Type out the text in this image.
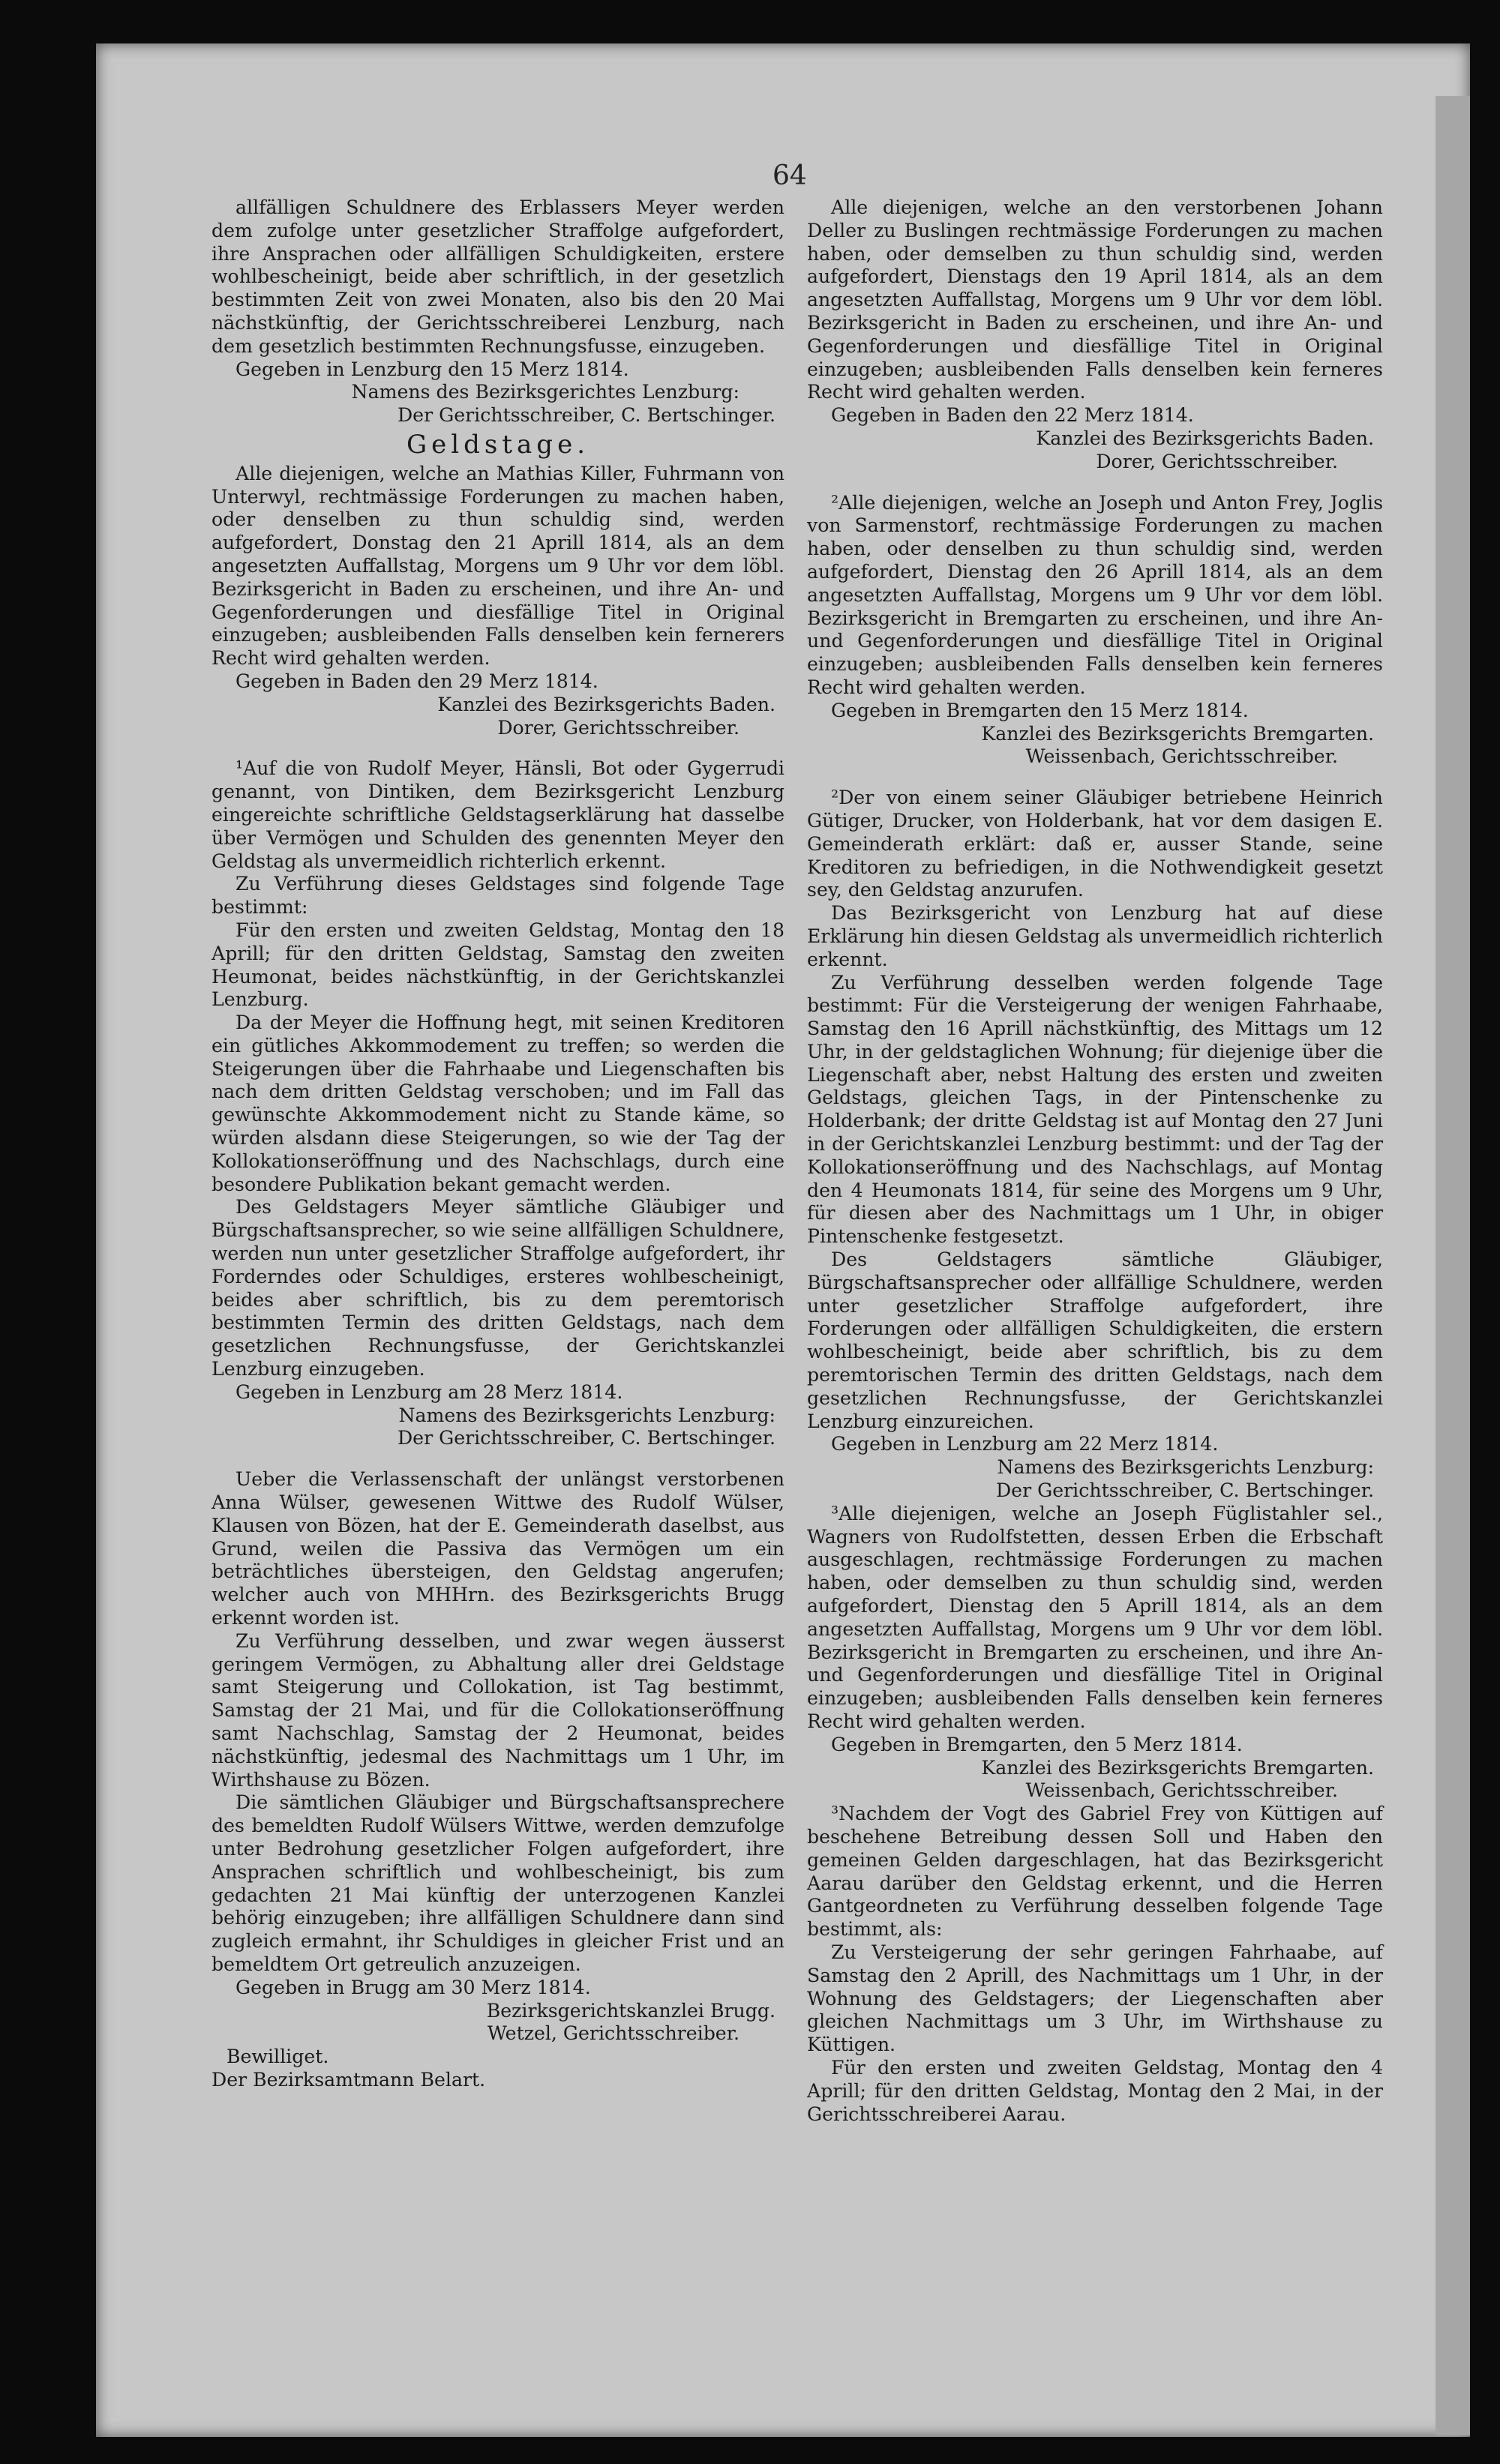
64

allfälligen Schuldnere des Erblassers Meyer werden dem zufolge unter gesetzlicher Straffolge aufgefordert, ihre Ansprachen oder allfälligen Schuldigkeiten, erstere wohlbescheinigt, beide aber schriftlich, in der gesetzlich bestimmten Zeit von zwei Monaten, also bis den 20 Mai nächstkünftig, der Gerichtsschreiberei Lenzburg, nach dem gesetzlich bestimmten Rechnungsfusse, einzugeben.

Gegeben in Lenzburg den 15 Merz 1814.

Namens des Bezirksgerichtes Lenzburg:

Der Gerichtsschreiber, C. Bertschinger.

Geldstage.

Alle diejenigen, welche an Mathias Killer, Fuhrmann von Unterwyl, rechtmässige Forderungen zu machen haben, oder denselben zu thun schuldig sind, werden aufgefordert, Donstag den 21 Aprill 1814, als an dem angesetzten Auffallstag, Morgens um 9 Uhr vor dem löbl. Bezirksgericht in Baden zu erscheinen, und ihre An- und Gegenforderungen und diesfällige Titel in Original einzugeben; ausbleibenden Falls denselben kein fernerers Recht wird gehalten werden.

Gegeben in Baden den 29 Merz 1814.

Kanzlei des Bezirksgerichts Baden.

Dorer, Gerichtsschreiber.

¹Auf die von Rudolf Meyer, Hänsli, Bot oder Gygerrudi genannt, von Dintiken, dem Bezirksgericht Lenzburg eingereichte schriftliche Geldstagserklärung hat dasselbe über Vermögen und Schulden des genennten Meyer den Geldstag als unvermeidlich richterlich erkennt.

Zu Verführung dieses Geldstages sind folgende Tage bestimmt:

Für den ersten und zweiten Geldstag, Montag den 18 Aprill; für den dritten Geldstag, Samstag den zweiten Heumonat, beides nächstkünftig, in der Gerichtskanzlei Lenzburg.

Da der Meyer die Hoffnung hegt, mit seinen Kreditoren ein gütliches Akkommodement zu treffen; so werden die Steigerungen über die Fahrhaabe und Liegenschaften bis nach dem dritten Geldstag verschoben; und im Fall das gewünschte Akkommodement nicht zu Stande käme, so würden alsdann diese Steigerungen, so wie der Tag der Kollokationseröffnung und des Nachschlags, durch eine besondere Publikation bekant gemacht werden.

Des Geldstagers Meyer sämtliche Gläubiger und Bürgschaftsansprecher, so wie seine allfälligen Schuldnere, werden nun unter gesetzlicher Straffolge aufgefordert, ihr Forderndes oder Schuldiges, ersteres wohlbescheinigt, beides aber schriftlich, bis zu dem peremtorisch bestimmten Termin des dritten Geldstags, nach dem gesetzlichen Rechnungsfusse, der Gerichtskanzlei Lenzburg einzugeben.

Gegeben in Lenzburg am 28 Merz 1814.

Namens des Bezirksgerichts Lenzburg:

Der Gerichtsschreiber, C. Bertschinger.

Ueber die Verlassenschaft der unlängst verstorbenen Anna Wülser, gewesenen Wittwe des Rudolf Wülser, Klausen von Bözen, hat der E. Gemeinderath daselbst, aus Grund, weilen die Passiva das Vermögen um ein beträchtliches übersteigen, den Geldstag angerufen; welcher auch von MHHrn. des Bezirksgerichts Brugg erkennt worden ist.

Zu Verführung desselben, und zwar wegen äusserst geringem Vermögen, zu Abhaltung aller drei Geldstage samt Steigerung und Collokation, ist Tag bestimmt, Samstag der 21 Mai, und für die Collokationseröffnung samt Nachschlag, Samstag der 2 Heumonat, beides nächstkünftig, jedesmal des Nachmittags um 1 Uhr, im Wirthshause zu Bözen.

Die sämtlichen Gläubiger und Bürgschaftsansprechere des bemeldten Rudolf Wülsers Wittwe, werden demzufolge unter Bedrohung gesetzlicher Folgen aufgefordert, ihre Ansprachen schriftlich und wohlbescheinigt, bis zum gedachten 21 Mai künftig der unterzogenen Kanzlei behörig einzugeben; ihre allfälligen Schuldnere dann sind zugleich ermahnt, ihr Schuldiges in gleicher Frist und an bemeldtem Ort getreulich anzuzeigen.

Gegeben in Brugg am 30 Merz 1814.

Bezirksgerichtskanzlei Brugg.

Wetzel, Gerichtsschreiber.

Bewilliget.

Der Bezirksamtmann Belart.

Alle diejenigen, welche an den verstorbenen Johann Deller zu Buslingen rechtmässige Forderungen zu machen haben, oder demselben zu thun schuldig sind, werden aufgefordert, Dienstags den 19 April 1814, als an dem angesetzten Auffallstag, Morgens um 9 Uhr vor dem löbl. Bezirksgericht in Baden zu erscheinen, und ihre An- und Gegenforderungen und diesfällige Titel in Original einzugeben; ausbleibenden Falls denselben kein ferneres Recht wird gehalten werden.

Gegeben in Baden den 22 Merz 1814.

Kanzlei des Bezirksgerichts Baden.

Dorer, Gerichtsschreiber.

²Alle diejenigen, welche an Joseph und Anton Frey, Joglis von Sarmenstorf, rechtmässige Forderungen zu machen haben, oder denselben zu thun schuldig sind, werden aufgefordert, Dienstag den 26 Aprill 1814, als an dem angesetzten Auffallstag, Morgens um 9 Uhr vor dem löbl. Bezirksgericht in Bremgarten zu erscheinen, und ihre An- und Gegenforderungen und diesfällige Titel in Original einzugeben; ausbleibenden Falls denselben kein ferneres Recht wird gehalten werden.

Gegeben in Bremgarten den 15 Merz 1814.

Kanzlei des Bezirksgerichts Bremgarten.

Weissenbach, Gerichtsschreiber.

²Der von einem seiner Gläubiger betriebene Heinrich Gütiger, Drucker, von Holderbank, hat vor dem dasigen E. Gemeinderath erklärt: daß er, ausser Stande, seine Kreditoren zu befriedigen, in die Nothwendigkeit gesetzt sey, den Geldstag anzurufen.

Das Bezirksgericht von Lenzburg hat auf diese Erklärung hin diesen Geldstag als unvermeidlich richterlich erkennt.

Zu Verführung desselben werden folgende Tage bestimmt: Für die Versteigerung der wenigen Fahrhaabe, Samstag den 16 Aprill nächstkünftig, des Mittags um 12 Uhr, in der geldstaglichen Wohnung; für diejenige über die Liegenschaft aber, nebst Haltung des ersten und zweiten Geldstags, gleichen Tags, in der Pintenschenke zu Holderbank; der dritte Geldstag ist auf Montag den 27 Juni in der Gerichtskanzlei Lenzburg bestimmt: und der Tag der Kollokationseröffnung und des Nachschlags, auf Montag den 4 Heumonats 1814, für seine des Morgens um 9 Uhr, für diesen aber des Nachmittags um 1 Uhr, in obiger Pintenschenke festgesetzt.

Des Geldstagers sämtliche Gläubiger, Bürgschaftsansprecher oder allfällige Schuldnere, werden unter gesetzlicher Straffolge aufgefordert, ihre Forderungen oder allfälligen Schuldigkeiten, die erstern wohlbescheinigt, beide aber schriftlich, bis zu dem peremtorischen Termin des dritten Geldstags, nach dem gesetzlichen Rechnungsfusse, der Gerichtskanzlei Lenzburg einzureichen.

Gegeben in Lenzburg am 22 Merz 1814.

Namens des Bezirksgerichts Lenzburg:

Der Gerichtsschreiber, C. Bertschinger.

³Alle diejenigen, welche an Joseph Füglistahler sel., Wagners von Rudolfstetten, dessen Erben die Erbschaft ausgeschlagen, rechtmässige Forderungen zu machen haben, oder demselben zu thun schuldig sind, werden aufgefordert, Dienstag den 5 Aprill 1814, als an dem angesetzten Auffallstag, Morgens um 9 Uhr vor dem löbl. Bezirksgericht in Bremgarten zu erscheinen, und ihre An- und Gegenforderungen und diesfällige Titel in Original einzugeben; ausbleibenden Falls denselben kein ferneres Recht wird gehalten werden.

Gegeben in Bremgarten, den 5 Merz 1814.

Kanzlei des Bezirksgerichts Bremgarten.

Weissenbach, Gerichtsschreiber.

³Nachdem der Vogt des Gabriel Frey von Küttigen auf beschehene Betreibung dessen Soll und Haben den gemeinen Gelden dargeschlagen, hat das Bezirksgericht Aarau darüber den Geldstag erkennt, und die Herren Gantgeordneten zu Verführung desselben folgende Tage bestimmt, als:

Zu Versteigerung der sehr geringen Fahrhaabe, auf Samstag den 2 Aprill, des Nachmittags um 1 Uhr, in der Wohnung des Geldstagers; der Liegenschaften aber gleichen Nachmittags um 3 Uhr, im Wirthshause zu Küttigen.

Für den ersten und zweiten Geldstag, Montag den 4 Aprill; für den dritten Geldstag, Montag den 2 Mai, in der Gerichtsschreiberei Aarau.
